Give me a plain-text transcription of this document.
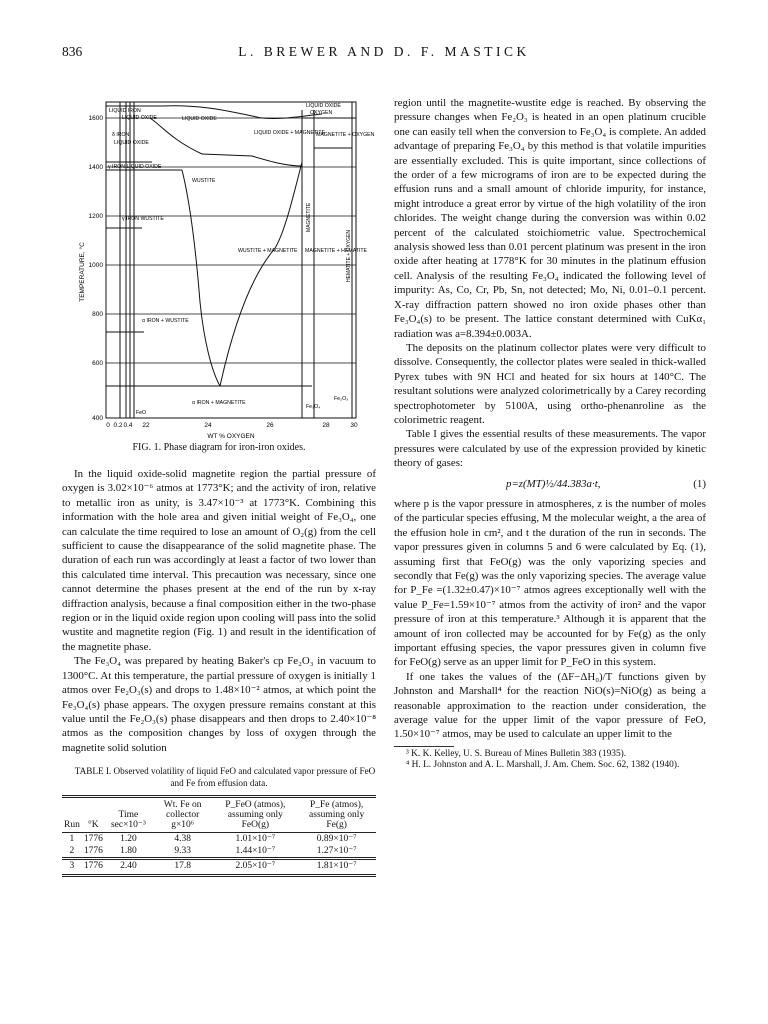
836	L. BREWER AND D. F. MASTICK
400
600
800
1000
1200
1400
1600
0 0.2 0.4 22	24	26	28	30
WT % OXYGEN
TEMPERATURE, °C
LIQUID IRON
LIQUID OXIDE
LIQUID OXIDE
OXYGEN
LIQUID OXIDE
δ IRON
LIQUID OXIDE
γ IRON LIQUID OXIDE
LIQUID OXIDE + MAGNETITE
MAGNETITE + OXYGEN
WUSTITE
γ IRON WUSTITE
WUSTITE + MAGNETITE MAGNETITE + HEMATITE
α IRON + WUSTITE
α IRON + MAGNETITE
Fe₃O₄
Fe₂O₃
FeO
MAGNETITE
HEMATITE + OXYGEN
FIG. 1. Phase diagram for iron-iron oxides.

In the liquid oxide-solid magnetite region the partial pressure of oxygen is 3.02×10⁻⁶ atmos at 1773°K; and the activity of iron, relative to metallic iron as unity, is 3.47×10⁻³ at 1773°K. Combining this information with the hole area and given initial weight of Fe₃O₄, one can calculate the time required to lose an amount of O₂(g) from the cell sufficient to cause the disappearance of the solid magnetite phase. The duration of each run was accordingly at least a factor of two lower than this calculated time interval. This precaution was necessary, since one cannot determine the phases present at the end of the run by x-ray diffraction analysis, because a final composition either in the two-phase region or in the liquid oxide region upon cooling will pass into the solid wustite and magnetite region (Fig. 1) and result in the identification of the magnetite phase.

The Fe₃O₄ was prepared by heating Baker's cp Fe₂O₃ in vacuum to 1300°C. At this temperature, the partial pressure of oxygen is initially 1 atmos over Fe₂O₃(s) and drops to 1.48×10⁻² atmos, at which point the Fe₃O₄(s) phase appears. The oxygen pressure remains constant at this value until the Fe₂O₃(s) phase disappears and then drops to 2.40×10⁻⁸ atmos as the composition changes by loss of oxygen through the magnetite solid solution

TABLE I. Observed volatility of liquid FeO and calculated vapor pressure of FeO and Fe from effusion data.

Run	°K	Time sec×10⁻³	Wt. Fe on collector g×10⁶	P_FeO (atmos), assuming only FeO(g)	P_Fe (atmos), assuming only Fe(g)
1	1776	1.20	4.38	1.01×10⁻⁷	0.89×10⁻⁷
2	1776	1.80	9.33	1.44×10⁻⁷	1.27×10⁻⁷
3	1776	2.40	17.8	2.05×10⁻⁷	1.81×10⁻⁷

region until the magnetite-wustite edge is reached. By observing the pressure changes when Fe₂O₃ is heated in an open platinum crucible one can easily tell when the conversion to Fe₃O₄ is complete. An added advantage of preparing Fe₃O₄ by this method is that volatile impurities are essentially excluded. This is quite important, since collections of the order of a few micrograms of iron are to be expected during the effusion runs and a small amount of chloride impurity, for instance, might introduce a great error by virtue of the high volatility of the iron chlorides. The weight change during the conversion was within 0.02 percent of the calculated stoichiometric value. Spectrochemical analysis showed less than 0.01 percent platinum was present in the iron oxide after heating at 1778°K for 30 minutes in the platinum effusion cell. Analysis of the resulting Fe₃O₄ indicated the following level of impurity: As, Co, Cr, Pb, Sn, not detected; Mo, Ni, 0.01–0.1 percent. X-ray diffraction pattern showed no iron oxide phases other than Fe₃O₄(s) to be present. The lattice constant determined with CuKα₁ radiation was a=8.394±0.003A.

The deposits on the platinum collector plates were very difficult to dissolve. Consequently, the collector plates were sealed in thick-walled Pyrex tubes with 9N HCl and heated for six hours at 140°C. The resultant solutions were analyzed colorimetrically by a Carey recording spectrophotometer by 5100A, using ortho-phenanroline as the colorimetric reagent.

Table I gives the essential results of these measurements. The vapor pressures were calculated by use of the expression provided by kinetic theory of gases:

p=z(MT)½/44.383a·t,	(1)

where p is the vapor pressure in atmospheres, z is the number of moles of the particular species effusing, M the molecular weight, a the area of the effusion hole in cm², and t the duration of the run in seconds. The vapor pressures given in columns 5 and 6 were calculated by Eq. (1), assuming first that FeO(g) was the only vaporizing species and secondly that Fe(g) was the only vaporizing species. The average value for P_Fe =(1.32±0.47)×10⁻⁷ atmos agrees exceptionally well with the value P_Fe=1.59×10⁻⁷ atmos from the activity of iron² and the vapor pressure of iron at this temperature.³ Although it is apparent that the amount of iron collected may be accounted for by Fe(g) as the only important effusing species, the vapor pressures given in column five for FeO(g) serve as an upper limit for P_FeO in this system.

If one takes the values of the (ΔF−ΔH₀)/T functions given by Johnston and Marshall⁴ for the reaction NiO(s)=NiO(g) as being a reasonable approximation to the reaction under consideration, the average value for the upper limit of the vapor pressure of FeO, 1.50×10⁻⁷ atmos, may be used to calculate an upper limit to the

³ K. K. Kelley, U. S. Bureau of Mines Bulletin 383 (1935).

⁴ H. L. Johnston and A. L. Marshall, J. Am. Chem. Soc. 62, 1382 (1940).
